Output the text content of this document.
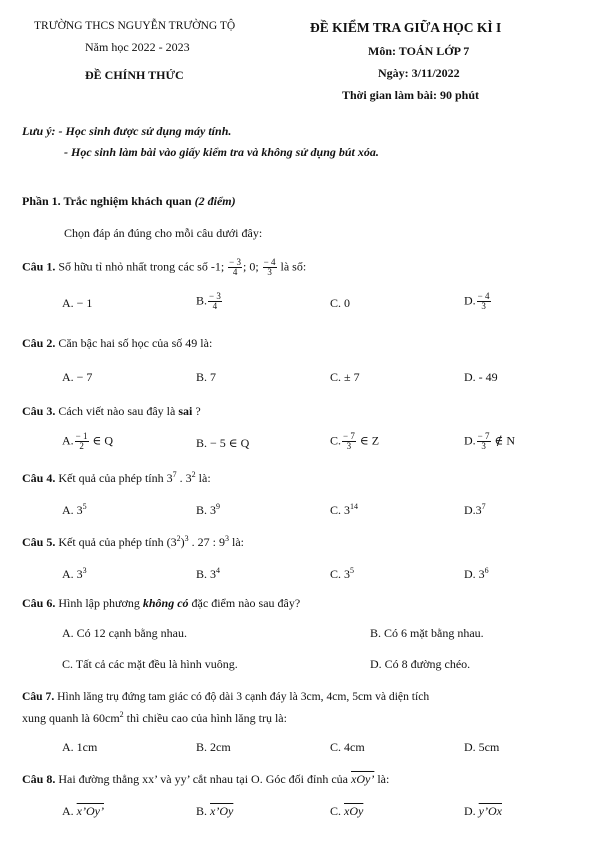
TRƯỜNG THCS NGUYỄN TRƯỜNG TỘ
Năm học 2022 - 2023
ĐỀ CHÍNH THỨC
ĐỀ KIỂM TRA GIỮA HỌC KÌ I
Môn: TOÁN LỚP 7
Ngày: 3/11/2022
Thời gian làm bài: 90 phút
Lưu ý: - Học sinh được sử dụng máy tính.
- Học sinh làm bài vào giấy kiểm tra và không sử dụng bút xóa.
Phần 1. Trắc nghiệm khách quan (2 điểm)
Chọn đáp án đúng cho mỗi câu dưới đây:
Câu 1. Số hữu tỉ nhỏ nhất trong các số -1; $\frac{- 3}{4}$ ; 0; $\frac{- 4}{3}$ là số:
A. − 1	B. $\frac{- 3}{4}$	C. 0	D. $\frac{- 4}{3}$
Câu 2. Căn bậc hai số học của số 49 là:
A. − 7	B. 7	C. ± 7	D. - 49
Câu 3. Cách viết nào sau đây là sai ?
A. $\frac{- 1}{2}$ ∈ Q	B. − 5 ∈ Q	C. $\frac{- 7}{3}$ ∈ Z	D. $\frac{- 7}{3}$ ∉ N
Câu 4. Kết quả của phép tính $3^7$ . $3^2$ là:
A. $3^5$	B. $3^9$	C. $3^{14}$	$D.3^7$
Câu 5. Kết quả của phép tính $(3^2)^3$ . 27 : $9^3$ là:
A. $3^3$	B. $3^4$	C. $3^5$	D. $3^6$
Câu 6. Hình lập phương không có đặc điểm nào sau đây?
A. Có 12 cạnh bằng nhau.	B. Có 6 mặt bằng nhau.
C. Tất cả các mặt đều là hình vuông.	D. Có 8 đường chéo.
Câu 7. Hình lăng trụ đứng tam giác có độ dài 3 cạnh đáy là 3cm, 4cm, 5cm và diện tích
xung quanh là $60cm^2$ thì chiều cao của hình lăng trụ là:
A. 1cm	B. 2cm	C. 4cm	D. 5cm
Câu 8. Hai đường thẳng xx’ và yy’ cắt nhau tại O. Góc đối đỉnh của xOy’ là:
A. x’Oy’	B. x’Oy	C. $\overline{xOy}$	D. y’Ox
